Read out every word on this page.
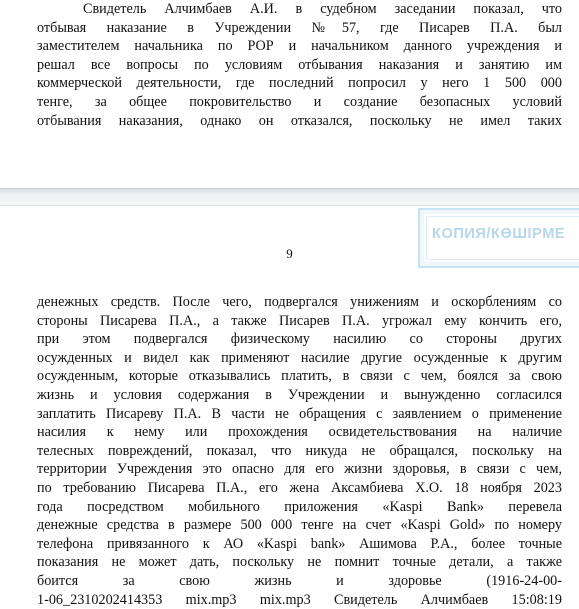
Свидетель Алчимбаев А.И. в судебном заседании показал, что
отбывая наказание в Учреждении №57, где Писарев П.А. был
заместителем начальника по РОР и начальником данного учреждения и
решал все вопросы по условиям отбывания наказания и занятию им
коммерческой деятельности, где последний попросил у него 1 500 000
тенге, за общее покровительство и создание безопасных условий
отбывания наказания, однако он отказался, поскольку не имел таких
КОПИЯ/КӨШІРМЕ
9
денежных средств. После чего, подвергался унижениям и оскорблениям со
стороны Писарева П.А., а также Писарев П.А. угрожал ему кончить его,
при этом подвергался физическому насилию со стороны других
осужденных и видел как применяют насилие другие осужденные к другим
осужденным, которые отказывались платить, в связи с чем, боялся за свою
жизнь и условия содержания в Учреждении и вынужденно согласился
заплатить Писареву П.А. В части не обращения с заявлением о применение
насилия к нему или прохождения освидетельствования на наличие
телесных повреждений, показал, что никуда не обращался, поскольку на
территории Учреждения это опасно для его жизни здоровья, в связи с чем,
по требованию Писарева П.А., его жена Аксамбиева Х.О. 18 ноября 2023
года посредством мобильного приложения «Kaspi Bank» перевела
денежные средства в размере 500 000 тенге на счет «Kaspi Gold» по номеру
телефона привязанного к АО «Kaspi bank» Ашимова Р.А., более точные
показания не может дать, поскольку не помнит точные детали, а также
боится за свою жизнь и здоровье (1916-24-00-
1-06_2310202414353 mix.mp3 mix.mp3 Свидетель Алчимбаев 15:08:19
